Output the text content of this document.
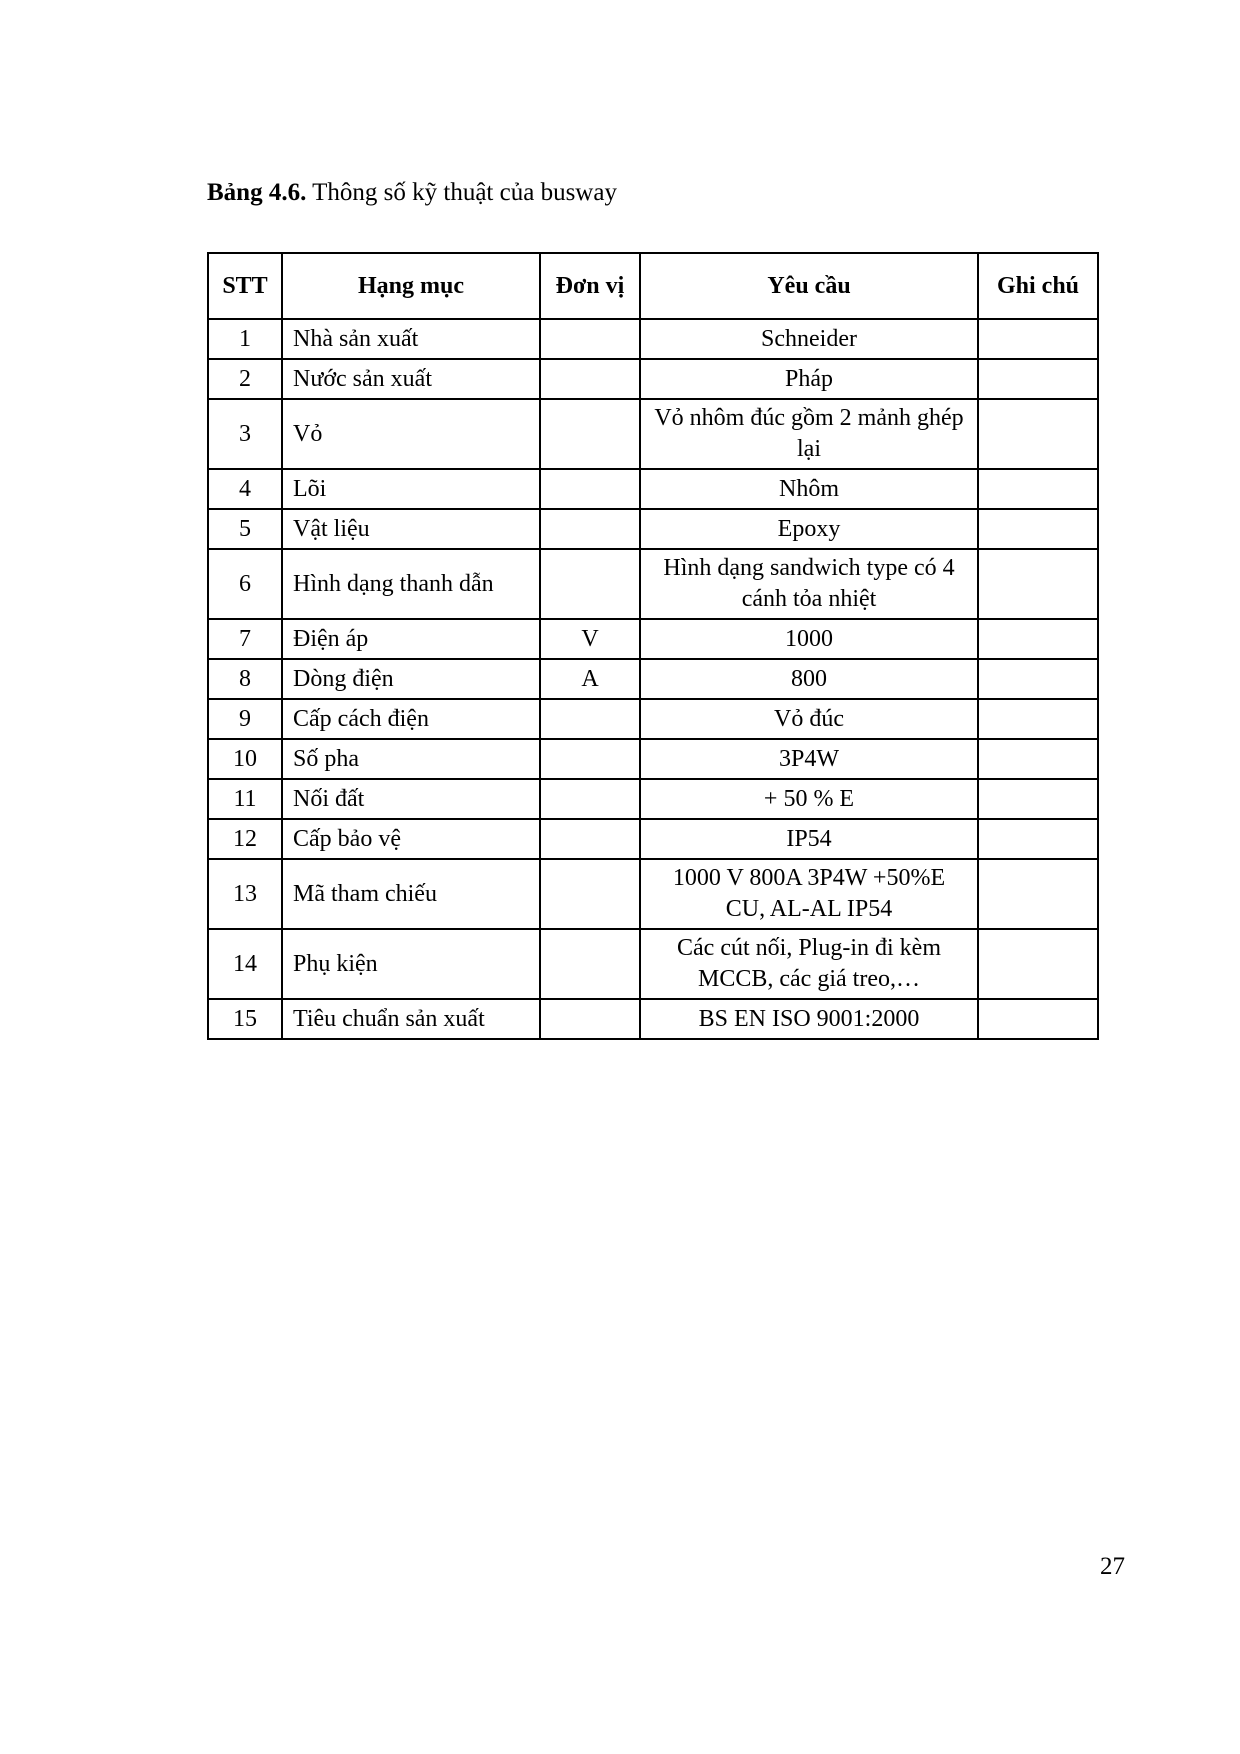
Bảng 4.6. Thông số kỹ thuật của busway
STT	Hạng mục	Đơn vị	Yêu cầu	Ghi chú
1	Nhà sản xuất		Schneider	
2	Nước sản xuất		Pháp	
3	Vỏ		Vỏ nhôm đúc gồm 2 mảnh ghép lại	
4	Lõi		Nhôm	
5	Vật liệu		Epoxy	
6	Hình dạng thanh dẫn		Hình dạng sandwich type có 4 cánh tỏa nhiệt	
7	Điện áp	V	1000	
8	Dòng điện	A	800	
9	Cấp cách điện		Vỏ đúc	
10	Số pha		3P4W	
11	Nối đất		+ 50 % E	
12	Cấp bảo vệ		IP54	
13	Mã tham chiếu		1000 V 800A 3P4W +50%E CU, AL-AL IP54	
14	Phụ kiện		Các cút nối, Plug-in đi kèm MCCB, các giá treo,…	
15	Tiêu chuẩn sản xuất		BS EN ISO 9001:2000	
27
